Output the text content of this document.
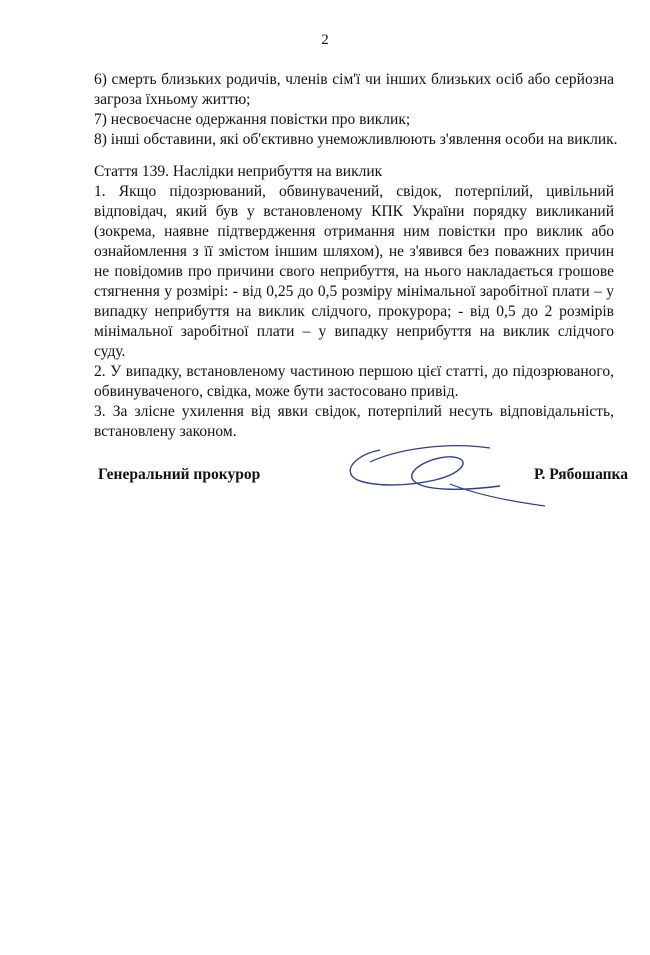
2
6) смерть близьких родичів, членів сім'ї чи інших близьких осіб або серйозна
загроза їхньому життю;
7) несвоєчасне одержання повістки про виклик;
8) інші обставини, які об'єктивно унеможливлюють з'явлення особи на виклик.
Стаття 139. Наслідки неприбуття на виклик
1. Якщо підозрюваний, обвинувачений, свідок, потерпілий, цивільний
відповідач, який був у встановленому КПК України порядку викликаний
(зокрема, наявне підтвердження отримання ним повістки про виклик або
ознайомлення з її змістом іншим шляхом), не з'явився без поважних причин
не повідомив про причини свого неприбуття, на нього накладається грошове
стягнення у розмірі: - від 0,25 до 0,5 розміру мінімальної заробітної плати – у
випадку неприбуття на виклик слідчого, прокурора; - від 0,5 до 2 розмірів
мінімальної заробітної плати – у випадку неприбуття на виклик слідчого
суду.
2. У випадку, встановленому частиною першою цієї статті, до підозрюваного,
обвинуваченого, свідка, може бути застосовано привід.
3. За злісне ухилення від явки свідок, потерпілий несуть відповідальність,
встановлену законом.
Генеральний прокурор	Р. Рябошапка
